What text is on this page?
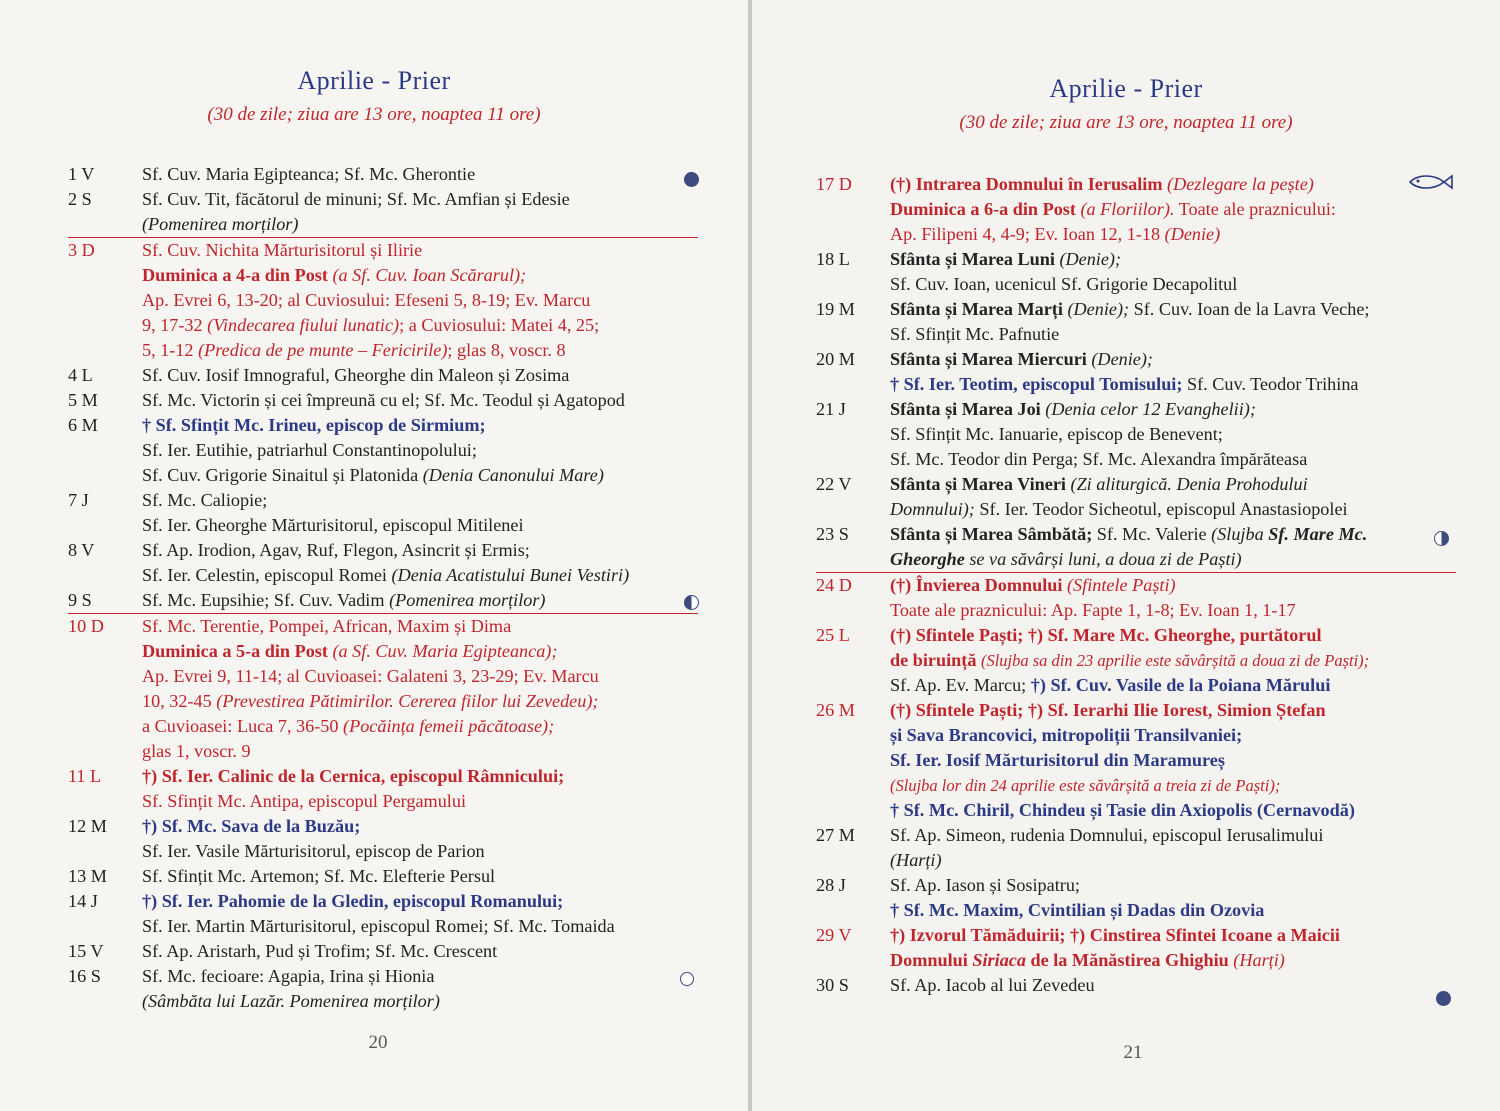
Aprilie - Prier
(30 de zile; ziua are 13 ore, noaptea 11 ore)
1 V	Sf. Cuv. Maria Egipteanca; Sf. Mc. Gherontie
2 S	Sf. Cuv. Tit, făcătorul de minuni; Sf. Mc. Amfian și Edesie
(Pomenirea morților)
3 D	Sf. Cuv. Nichita Mărturisitorul și Ilirie
Duminica a 4-a din Post (a Sf. Cuv. Ioan Scărarul);
Ap. Evrei 6, 13-20; al Cuviosului: Efeseni 5, 8-19; Ev. Marcu
9, 17-32 (Vindecarea fiului lunatic); a Cuviosului: Matei 4, 25;
5, 1-12 (Predica de pe munte – Fericirile); glas 8, voscr. 8
4 L	Sf. Cuv. Iosif Imnograful, Gheorghe din Maleon și Zosima
5 M	Sf. Mc. Victorin și cei împreună cu el; Sf. Mc. Teodul și Agatopod
6 M	† Sf. Sfințit Mc. Irineu, episcop de Sirmium;
Sf. Ier. Eutihie, patriarhul Constantinopolului;
Sf. Cuv. Grigorie Sinaitul și Platonida (Denia Canonului Mare)
7 J	Sf. Mc. Caliopie;
Sf. Ier. Gheorghe Mărturisitorul, episcopul Mitilenei
8 V	Sf. Ap. Irodion, Agav, Ruf, Flegon, Asincrit și Ermis;
Sf. Ier. Celestin, episcopul Romei (Denia Acatistului Bunei Vestiri)
9 S	Sf. Mc. Eupsihie; Sf. Cuv. Vadim (Pomenirea morților)
10 D	Sf. Mc. Terentie, Pompei, African, Maxim și Dima
Duminica a 5-a din Post (a Sf. Cuv. Maria Egipteanca);
Ap. Evrei 9, 11-14; al Cuvioasei: Galateni 3, 23-29; Ev. Marcu
10, 32-45 (Prevestirea Pătimirilor. Cererea fiilor lui Zevedeu);
a Cuvioasei: Luca 7, 36-50 (Pocăința femeii păcătoase);
glas 1, voscr. 9
11 L	†) Sf. Ier. Calinic de la Cernica, episcopul Râmnicului;
Sf. Sfințit Mc. Antipa, episcopul Pergamului
12 M	†) Sf. Mc. Sava de la Buzău;
Sf. Ier. Vasile Mărturisitorul, episcop de Parion
13 M	Sf. Sfințit Mc. Artemon; Sf. Mc. Elefterie Persul
14 J	†) Sf. Ier. Pahomie de la Gledin, episcopul Romanului;
Sf. Ier. Martin Mărturisitorul, episcopul Romei; Sf. Mc. Tomaida
15 V	Sf. Ap. Aristarh, Pud și Trofim; Sf. Mc. Crescent
16 S	Sf. Mc. fecioare: Agapia, Irina și Hionia
(Sâmbăta lui Lazăr. Pomenirea morților)
20
Aprilie - Prier
(30 de zile; ziua are 13 ore, noaptea 11 ore)
17 D	(†) Intrarea Domnului în Ierusalim (Dezlegare la pește)
Duminica a 6-a din Post (a Floriilor). Toate ale praznicului:
Ap. Filipeni 4, 4-9; Ev. Ioan 12, 1-18 (Denie)
18 L	Sfânta și Marea Luni (Denie);
Sf. Cuv. Ioan, ucenicul Sf. Grigorie Decapolitul
19 M	Sfânta și Marea Marți (Denie); Sf. Cuv. Ioan de la Lavra Veche;
Sf. Sfințit Mc. Pafnutie
20 M	Sfânta și Marea Miercuri (Denie);
† Sf. Ier. Teotim, episcopul Tomisului; Sf. Cuv. Teodor Trihina
21 J	Sfânta și Marea Joi (Denia celor 12 Evanghelii);
Sf. Sfințit Mc. Ianuarie, episcop de Benevent;
Sf. Mc. Teodor din Perga; Sf. Mc. Alexandra împărăteasa
22 V	Sfânta și Marea Vineri (Zi aliturgică. Denia Prohodului
Domnului); Sf. Ier. Teodor Sicheotul, episcopul Anastasiopolei
23 S	Sfânta și Marea Sâmbătă; Sf. Mc. Valerie (Slujba Sf. Mare Mc.
Gheorghe se va săvârși luni, a doua zi de Paști)
24 D	(†) Învierea Domnului (Sfintele Paști)
Toate ale praznicului: Ap. Fapte 1, 1-8; Ev. Ioan 1, 1-17
25 L	(†) Sfintele Paști; †) Sf. Mare Mc. Gheorghe, purtătorul
de biruință (Slujba sa din 23 aprilie este săvârșită a doua zi de Paști);
Sf. Ap. Ev. Marcu; †) Sf. Cuv. Vasile de la Poiana Mărului
26 M	(†) Sfintele Paști; †) Sf. Ierarhi Ilie Iorest, Simion Ștefan
și Sava Brancovici, mitropoliții Transilvaniei;
Sf. Ier. Iosif Mărturisitorul din Maramureș
(Slujba lor din 24 aprilie este săvârșită a treia zi de Paști);
† Sf. Mc. Chiril, Chindeu și Tasie din Axiopolis (Cernavodă)
27 M	Sf. Ap. Simeon, rudenia Domnului, episcopul Ierusalimului
(Harți)
28 J	Sf. Ap. Iason și Sosipatru;
† Sf. Mc. Maxim, Cvintilian și Dadas din Ozovia
29 V	†) Izvorul Tămăduirii; †) Cinstirea Sfintei Icoane a Maicii
Domnului Siriaca de la Mănăstirea Ghighiu (Harți)
30 S	Sf. Ap. Iacob al lui Zevedeu
21
